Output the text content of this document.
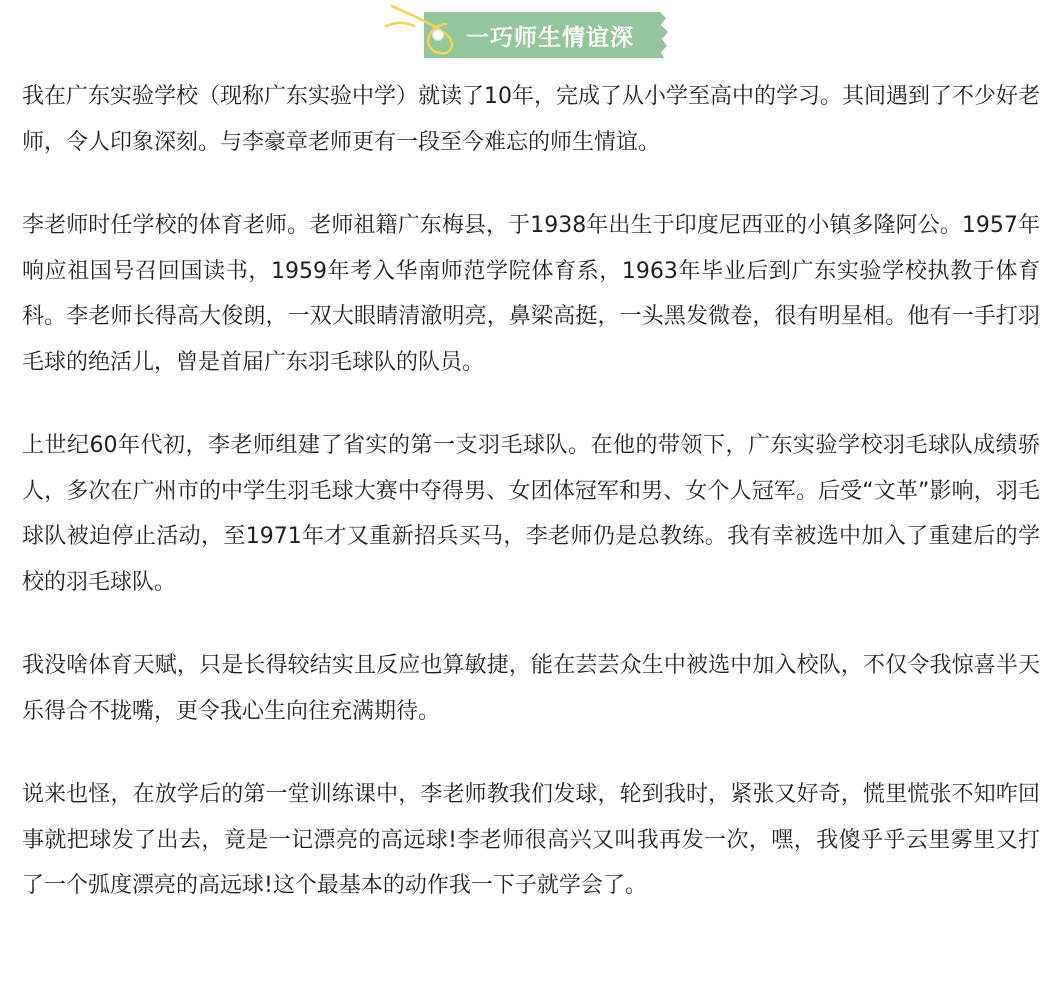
一巧师生情谊深

我在广东实验学校（现称广东实验中学）就读了10年，完成了从小学至高中的学习。其间遇到了不少好老师，令人印象深刻。与李豪章老师更有一段至今难忘的师生情谊。

李老师时任学校的体育老师。老师祖籍广东梅县，于1938年出生于印度尼西亚的小镇多隆阿公。1957年响应祖国号召回国读书，1959年考入华南师范学院体育系，1963年毕业后到广东实验学校执教于体育科。李老师长得高大俊朗，一双大眼睛清澈明亮，鼻梁高挺，一头黑发微卷，很有明星相。他有一手打羽毛球的绝活儿，曾是首届广东羽毛球队的队员。

上世纪60年代初，李老师组建了省实的第一支羽毛球队。在他的带领下，广东实验学校羽毛球队成绩骄人，多次在广州市的中学生羽毛球大赛中夺得男、女团体冠军和男、女个人冠军。后受“文革”影响，羽毛球队被迫停止活动，至1971年才又重新招兵买马，李老师仍是总教练。我有幸被选中加入了重建后的学校的羽毛球队。

我没啥体育天赋，只是长得较结实且反应也算敏捷，能在芸芸众生中被选中加入校队，不仅令我惊喜半天乐得合不拢嘴，更令我心生向往充满期待。

说来也怪，在放学后的第一堂训练课中，李老师教我们发球，轮到我时，紧张又好奇，慌里慌张不知咋回事就把球发了出去，竟是一记漂亮的高远球!李老师很高兴又叫我再发一次，嘿，我傻乎乎云里雾里又打了一个弧度漂亮的高远球!这个最基本的动作我一下子就学会了。
